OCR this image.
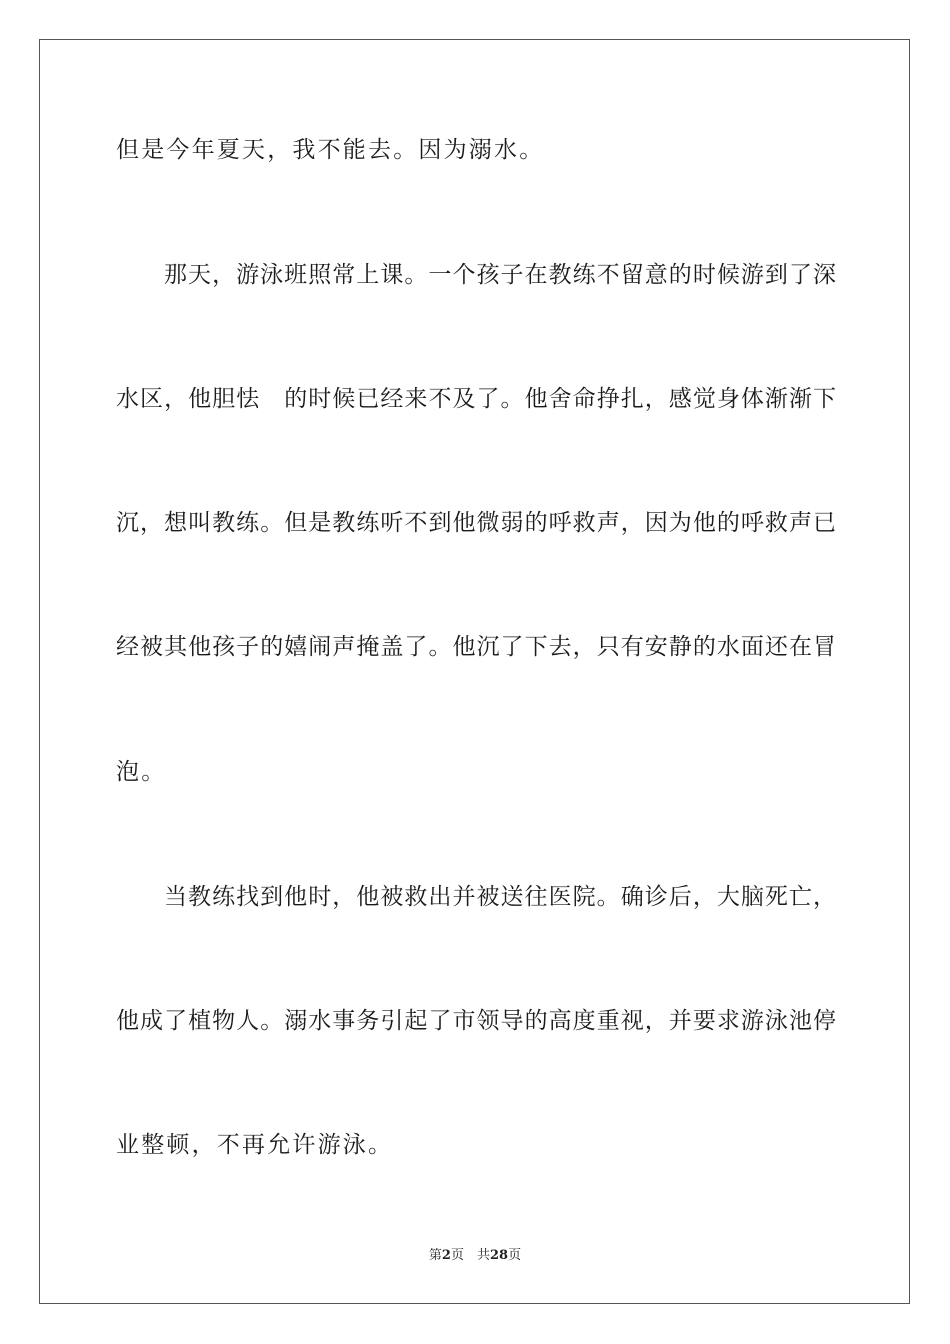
但是今年夏天，我不能去。因为溺水。
那天，游泳班照常上课。一个孩子在教练不留意的时候游到了深
水区，他胆怯　的时候已经来不及了。他舍命挣扎，感觉身体渐渐下
沉，想叫教练。但是教练听不到他微弱的呼救声，因为他的呼救声已
经被其他孩子的嬉闹声掩盖了。他沉了下去，只有安静的水面还在冒
泡。
当教练找到他时，他被救出并被送往医院。确诊后，大脑死亡，
他成了植物人。溺水事务引起了市领导的高度重视，并要求游泳池停
业整顿，不再允许游泳。
第2页　共28页
